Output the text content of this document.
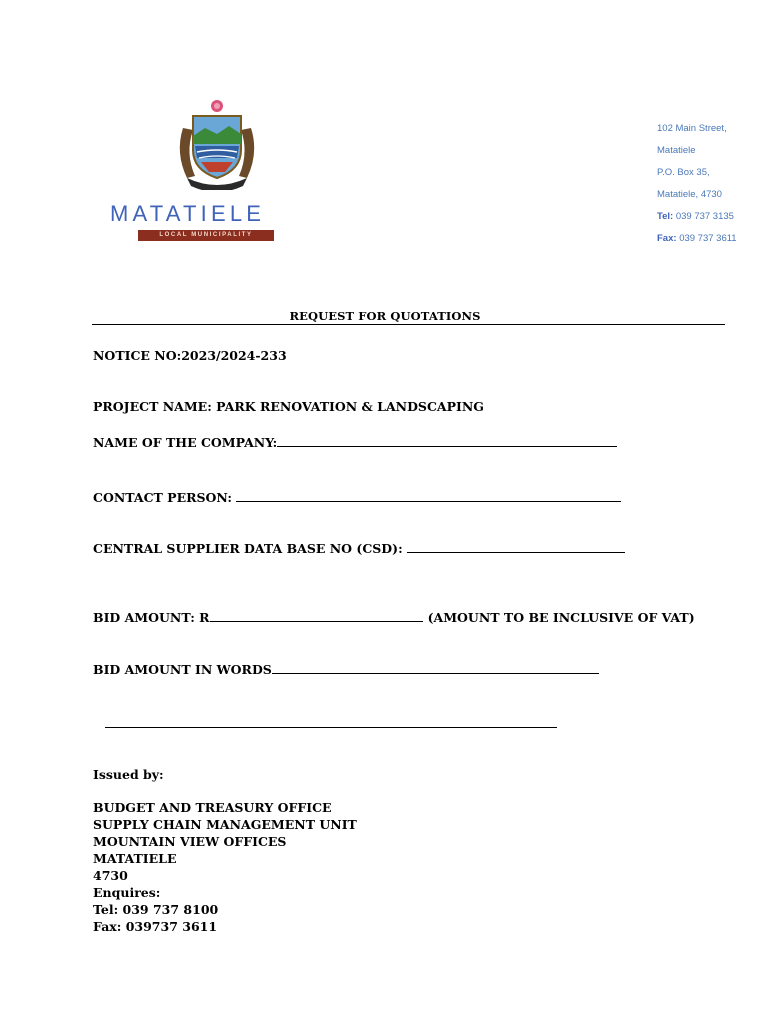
MATATIELE
LOCAL MUNICIPALITY
102 Main Street,
Matatiele
P.O. Box 35,
Matatiele, 4730
Tel: 039 737 3135
Fax: 039 737 3611
REQUEST FOR QUOTATIONS
NOTICE NO:2023/2024-233
PROJECT NAME: PARK RENOVATION & LANDSCAPING
NAME OF THE COMPANY:
CONTACT PERSON:
CENTRAL SUPPLIER DATA BASE NO (CSD):
BID AMOUNT: R	(AMOUNT TO BE INCLUSIVE OF VAT)
BID AMOUNT IN WORDS
Issued by:
BUDGET AND TREASURY OFFICE
SUPPLY CHAIN MANAGEMENT UNIT
MOUNTAIN VIEW OFFICES
MATATIELE
4730
Enquires:
Tel: 039 737 8100
Fax: 039737 3611
